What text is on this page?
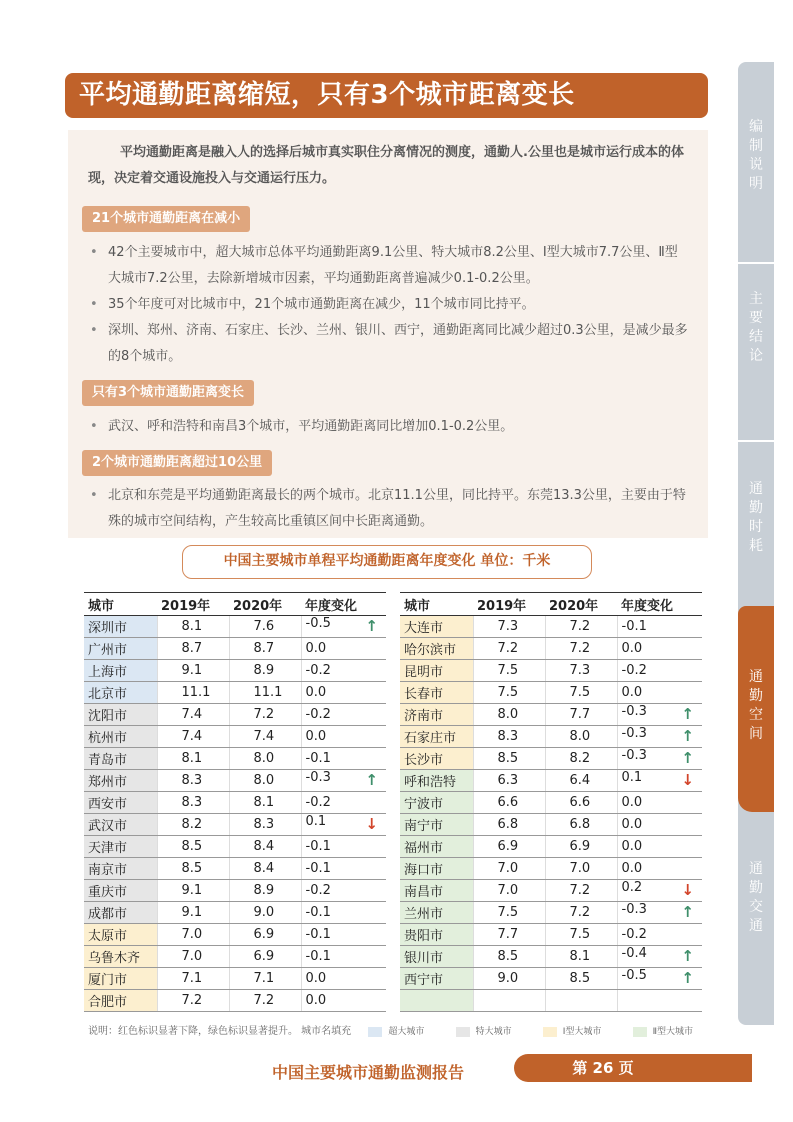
平均通勤距离缩短，只有3个城市距离变长

平均通勤距离是融入人的选择后城市真实职住分离情况的测度，通勤人.公里也是城市运行成本的体现，决定着交通设施投入与交通运行压力。

21个城市通勤距离在减小
• 42个主要城市中，超大城市总体平均通勤距离9.1公里、特大城市8.2公里、Ⅰ型大城市7.7公里、Ⅱ型大城市7.2公里，去除新增城市因素，平均通勤距离普遍减少0.1-0.2公里。
• 35个年度可对比城市中，21个城市通勤距离在减少，11个城市同比持平。
• 深圳、郑州、济南、石家庄、长沙、兰州、银川、西宁，通勤距离同比减少超过0.3公里，是减少最多的8个城市。
只有3个城市通勤距离变长
• 武汉、呼和浩特和南昌3个城市，平均通勤距离同比增加0.1-0.2公里。
2个城市通勤距离超过10公里
• 北京和东莞是平均通勤距离最长的两个城市。北京11.1公里，同比持平。东莞13.3公里，主要由于特殊的城市空间结构，产生较高比重镇区间中长距离通勤。
中国主要城市单程平均通勤距离年度变化 单位：千米
城市	2019年	2020年	年度变化
深圳市	8.1	7.6	-0.5 ↑

广州市	8.7	8.7	0.0
上海市	9.1	8.9	-0.2
北京市	11.1	11.1	0.0
沈阳市	7.4	7.2	-0.2
杭州市	7.4	7.4	0.0
青岛市	8.1	8.0	-0.1
郑州市	8.3	8.0	-0.3 ↑

西安市	8.3	8.1	-0.2
武汉市	8.2	8.3	0.1 ↓

天津市	8.5	8.4	-0.1
南京市	8.5	8.4	-0.1
重庆市	9.1	8.9	-0.2
成都市	9.1	9.0	-0.1
太原市	7.0	6.9	-0.1
乌鲁木齐	7.0	6.9	-0.1
厦门市	7.1	7.1	0.0
合肥市	7.2	7.2	0.0
城市	2019年	2020年	年度变化
大连市	7.3	7.2	-0.1
哈尔滨市	7.2	7.2	0.0
昆明市	7.5	7.3	-0.2
长春市	7.5	7.5	0.0
济南市	8.0	7.7	-0.3 ↑

石家庄市	8.3	8.0	-0.3 ↑

长沙市	8.5	8.2	-0.3 ↑

呼和浩特	6.3	6.4	0.1 ↓

宁波市	6.6	6.6	0.0
南宁市	6.8	6.8	0.0
福州市	6.9	6.9	0.0
海口市	7.0	7.0	0.0
南昌市	7.0	7.2	0.2 ↓

兰州市	7.5	7.2	-0.3 ↑

贵阳市	7.7	7.5	-0.2
银川市	8.5	8.1	-0.4 ↑

西宁市	9.0	8.5	-0.5 ↑

说明：红色标识显著下降，绿色标识显著提升。 城市名填充	超大城市	特大城市	Ⅰ型大城市	Ⅱ型大城市
中国主要城市通勤监测报告	第 26 页
编
制
说
明
主
要
结
论
通
勤
时
耗
通
勤
空
间
通
勤
交
通
